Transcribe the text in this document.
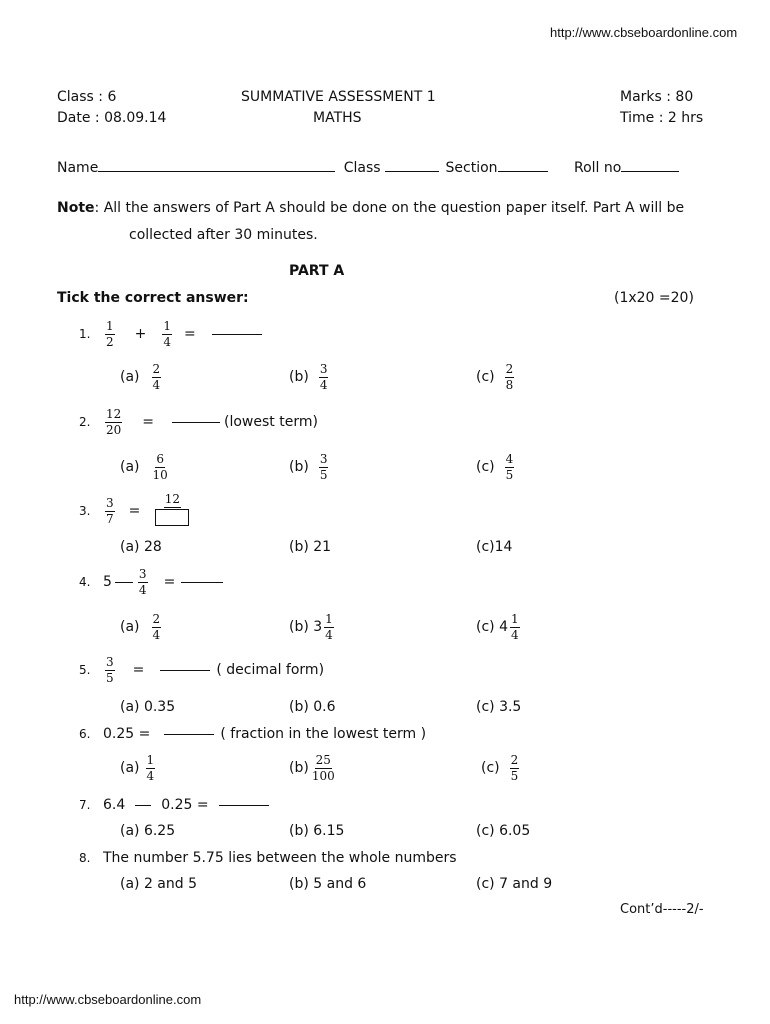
http://www.cbseboardonline.com
Class : 6
Date : 08.09.14
SUMMATIVE ASSESSMENT 1
MATHS
Marks : 80
Time : 2 hrs
Name	Class	Section	Roll no
Note: All the answers of Part A should be done on the question paper itself. Part A will be
collected after 30 minutes.
PART A
Tick the correct answer:	(1x20 =20)
1.	$\frac{1}{2} + \frac{1}{4}$ =
$(a) \frac{2}{4}$	$(b) \frac{3}{4}$	$(c) \frac{2}{8}$
2.	$\frac{12}{20}$ =	(lowest term)
$(a) \frac{6}{10}$	$(b) \frac{3}{5}$	$(c) \frac{4}{5}$
3.	$\frac{3}{7}$ =
12
(a) 28	(b) 21	(c)14
4. $5 \frac{3}{4}$ =
$(a) \frac{2}{4}$	(b) $3 \frac{1}{4}$	(c) $4 \frac{1}{4}$
5.	$\frac{3}{5}$ =	( decimal form)
(a) 0.35	(b) 0.6	(c) 3.5
6. 0.25 =	( fraction in the lowest term )
$(a) \frac{1}{4}$	$(b) \frac{25}{100}$	$(c) \frac{2}{5}$
7. 6.4	0.25 =
(a) 6.25	(b) 6.15	(c) 6.05
8. The number 5.75 lies between the whole numbers
(a) 2 and 5	(b) 5 and 6	(c) 7 and 9
Cont’d-----2/-
http://www.cbseboardonline.com
